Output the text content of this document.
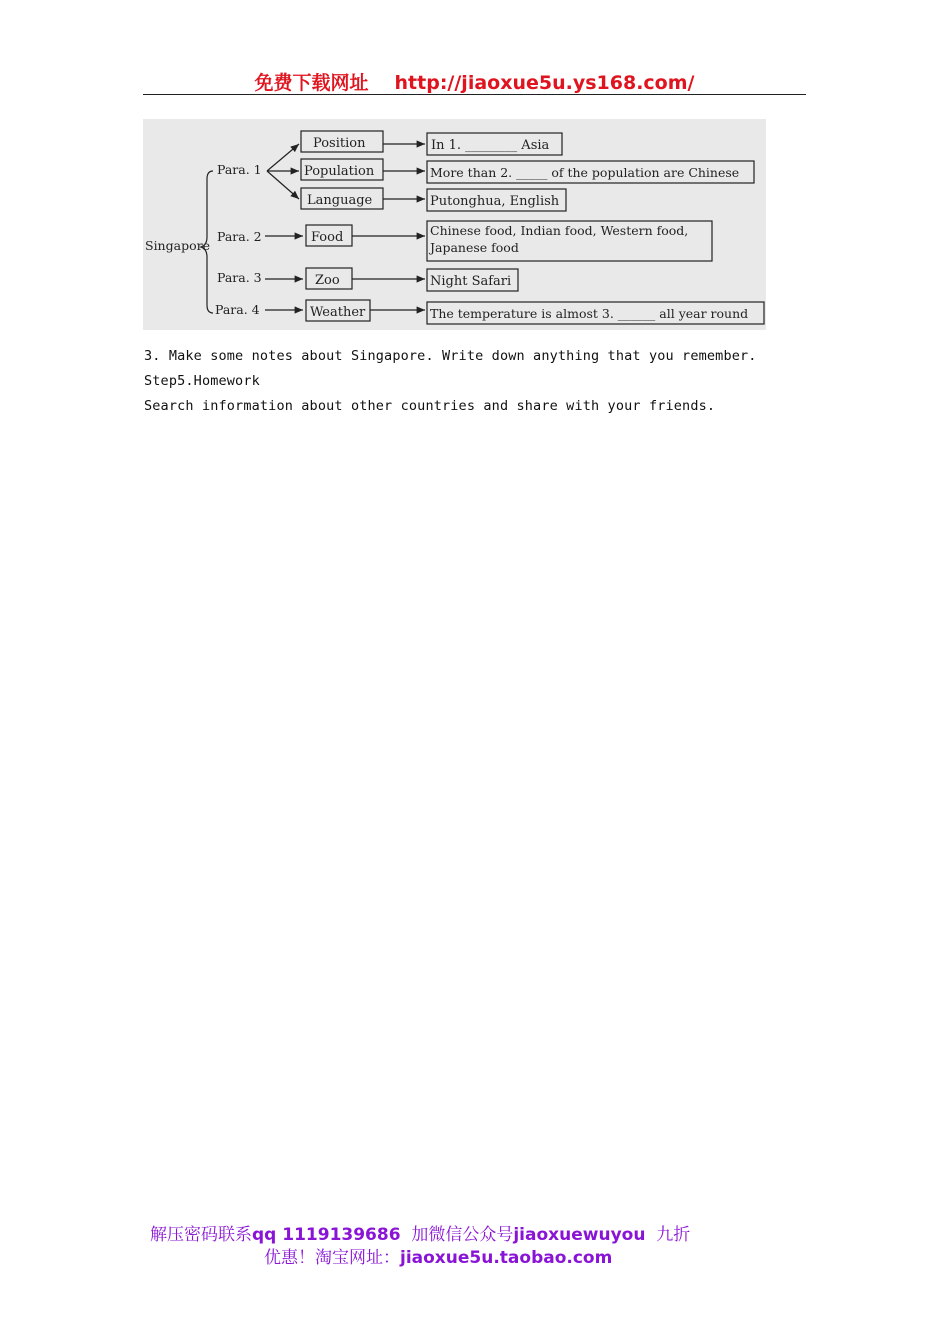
免费下载网址 http://jiaoxue5u.ys168.com/
Singapore
Para. 1
Para. 2
Para. 3
Para. 4
Position
Population
Language
Food
Zoo
Weather
In 1. ________ Asia
More than 2. _____ of the population are Chinese
Putonghua, English
Chinese food, Indian food, Western food,
Japanese food
Night Safari
The temperature is almost 3. ______ all year round
3. Make some notes about Singapore. Write down anything that you remember.
Step5.Homework
Search information about other countries and share with your friends.
解压密码联系qq 1119139686 加微信公众号jiaoxuewuyou 九折
优惠！淘宝网址：jiaoxue5u.taobao.com
